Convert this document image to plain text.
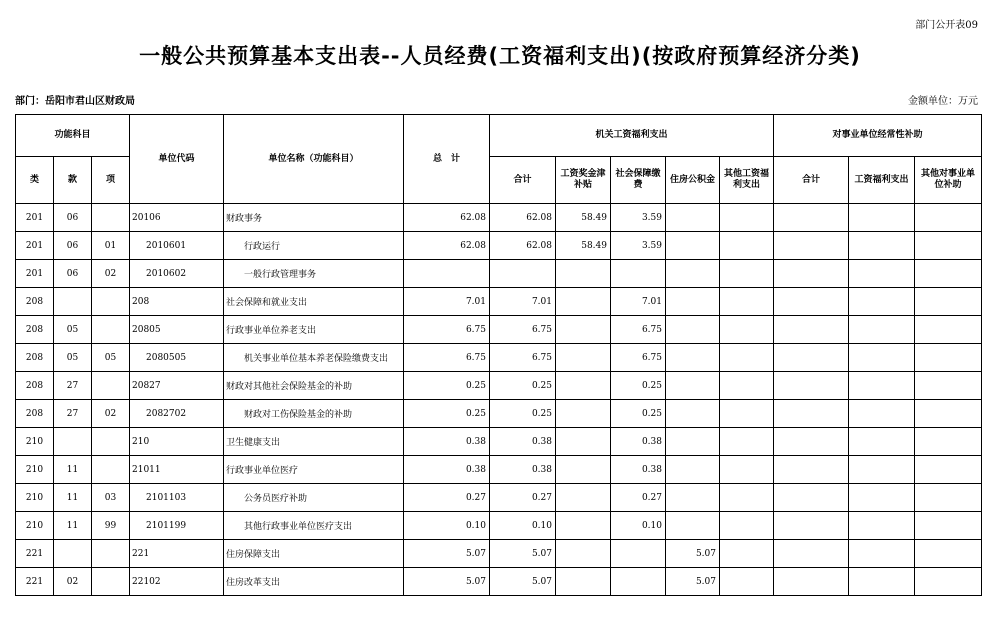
部门公开表09
一般公共预算基本支出表--人员经费(工资福利支出)(按政府预算经济分类)
部门：岳阳市君山区财政局	金额单位：万元
功能科目			单位代码	单位名称（功能科目）	总　计	机关工资福利支出					对事业单位经常性补助		
类	款	项				合计	工资奖金津补贴	社会保障缴费	住房公积金	其他工资福利支出	合计	工资福利支出	其他对事业单位补助
201	06		20106	财政事务	62.08	62.08	58.49	3.59					
201	06	01	2010601	行政运行	62.08	62.08	58.49	3.59					
201	06	02	2010602	一般行政管理事务									
208			208	社会保障和就业支出	7.01	7.01		7.01					
208	05		20805	行政事业单位养老支出	6.75	6.75		6.75					
208	05	05	2080505	机关事业单位基本养老保险缴费支出	6.75	6.75		6.75					
208	27		20827	财政对其他社会保险基金的补助	0.25	0.25		0.25					
208	27	02	2082702	财政对工伤保险基金的补助	0.25	0.25		0.25					
210			210	卫生健康支出	0.38	0.38		0.38					
210	11		21011	行政事业单位医疗	0.38	0.38		0.38					
210	11	03	2101103	公务员医疗补助	0.27	0.27		0.27					
210	11	99	2101199	其他行政事业单位医疗支出	0.10	0.10		0.10					
221			221	住房保障支出	5.07	5.07			5.07				
221	02		22102	住房改革支出	5.07	5.07			5.07				
